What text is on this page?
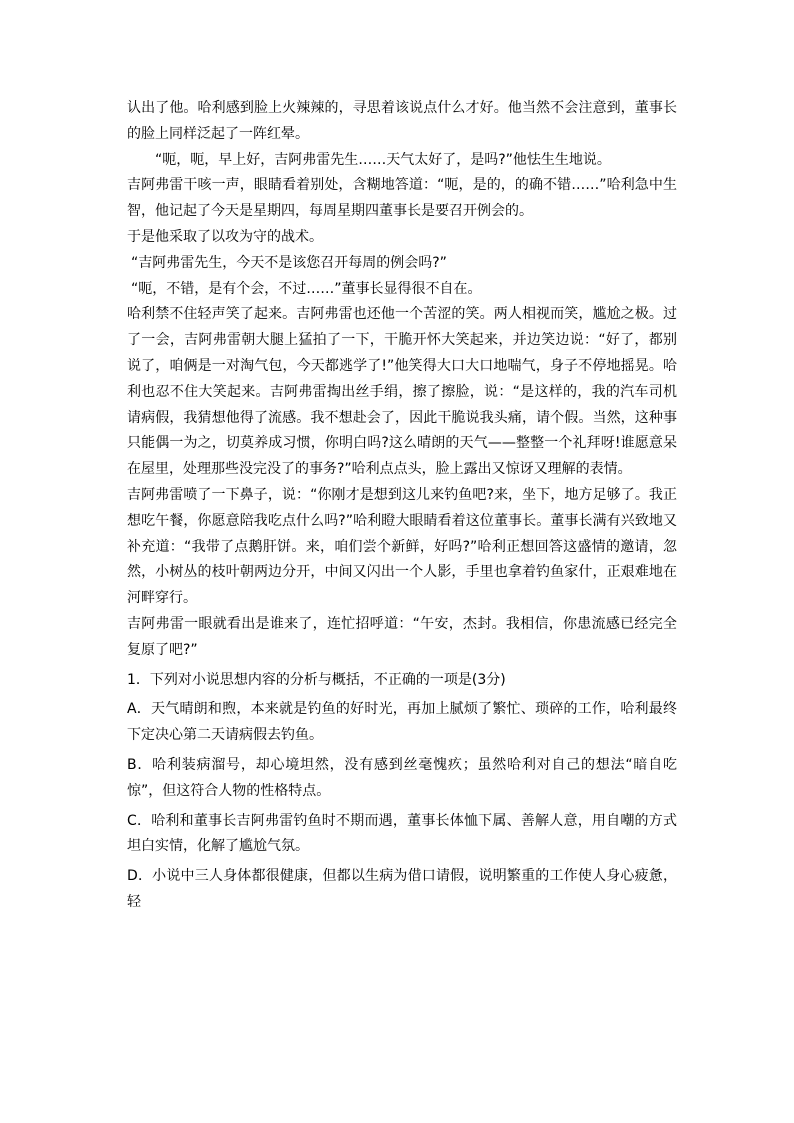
认出了他。哈利感到脸上火辣辣的，寻思着该说点什么才好。他当然不会注意到，董事长的脸上同样泛起了一阵红晕。

“呃，呃，早上好，吉阿弗雷先生……天气太好了，是吗?”他怯生生地说。

吉阿弗雷干咳一声，眼睛看着别处，含糊地答道：“呃，是的，的确不错……”哈利急中生智，他记起了今天是星期四，每周星期四董事长是要召开例会的。

于是他采取了以攻为守的战术。

“吉阿弗雷先生，今天不是该您召开每周的例会吗?”

“呃，不错，是有个会，不过……”董事长显得很不自在。

哈利禁不住轻声笑了起来。吉阿弗雷也还他一个苦涩的笑。两人相视而笑，尴尬之极。过了一会，吉阿弗雷朝大腿上猛拍了一下，干脆开怀大笑起来，并边笑边说：“好了，都别说了，咱俩是一对淘气包，今天都逃学了!”他笑得大口大口地喘气，身子不停地摇晃。哈利也忍不住大笑起来。吉阿弗雷掏出丝手绢，擦了擦脸，说：“是这样的，我的汽车司机请病假，我猜想他得了流感。我不想赴会了，因此干脆说我头痛，请个假。当然，这种事只能偶一为之，切莫养成习惯，你明白吗?这么晴朗的天气——整整一个礼拜呀!谁愿意呆在屋里，处理那些没完没了的事务?”哈利点点头，脸上露出又惊讶又理解的表情。

吉阿弗雷喷了一下鼻子，说：“你刚才是想到这儿来钓鱼吧?来，坐下，地方足够了。我正想吃午餐，你愿意陪我吃点什么吗?”哈利瞪大眼睛看着这位董事长。董事长满有兴致地又补充道：“我带了点鹅肝饼。来，咱们尝个新鲜，好吗?”哈利正想回答这盛情的邀请，忽然，小树丛的枝叶朝两边分开，中间又闪出一个人影，手里也拿着钓鱼家什，正艰难地在河畔穿行。

吉阿弗雷一眼就看出是谁来了，连忙招呼道：“午安，杰封。我相信，你患流感已经完全复原了吧?”

1．下列对小说思想内容的分析与概括，不正确的一项是(3分)

A．天气晴朗和煦，本来就是钓鱼的好时光，再加上腻烦了繁忙、琐碎的工作，哈利最终下定决心第二天请病假去钓鱼。

B．哈利装病溜号，却心境坦然，没有感到丝毫愧疚；虽然哈利对自己的想法“暗自吃惊”，但这符合人物的性格特点。

C．哈利和董事长吉阿弗雷钓鱼时不期而遇，董事长体恤下属、善解人意，用自嘲的方式坦白实情，化解了尴尬气氛。

D．小说中三人身体都很健康，但都以生病为借口请假，说明繁重的工作使人身心疲惫，轻
